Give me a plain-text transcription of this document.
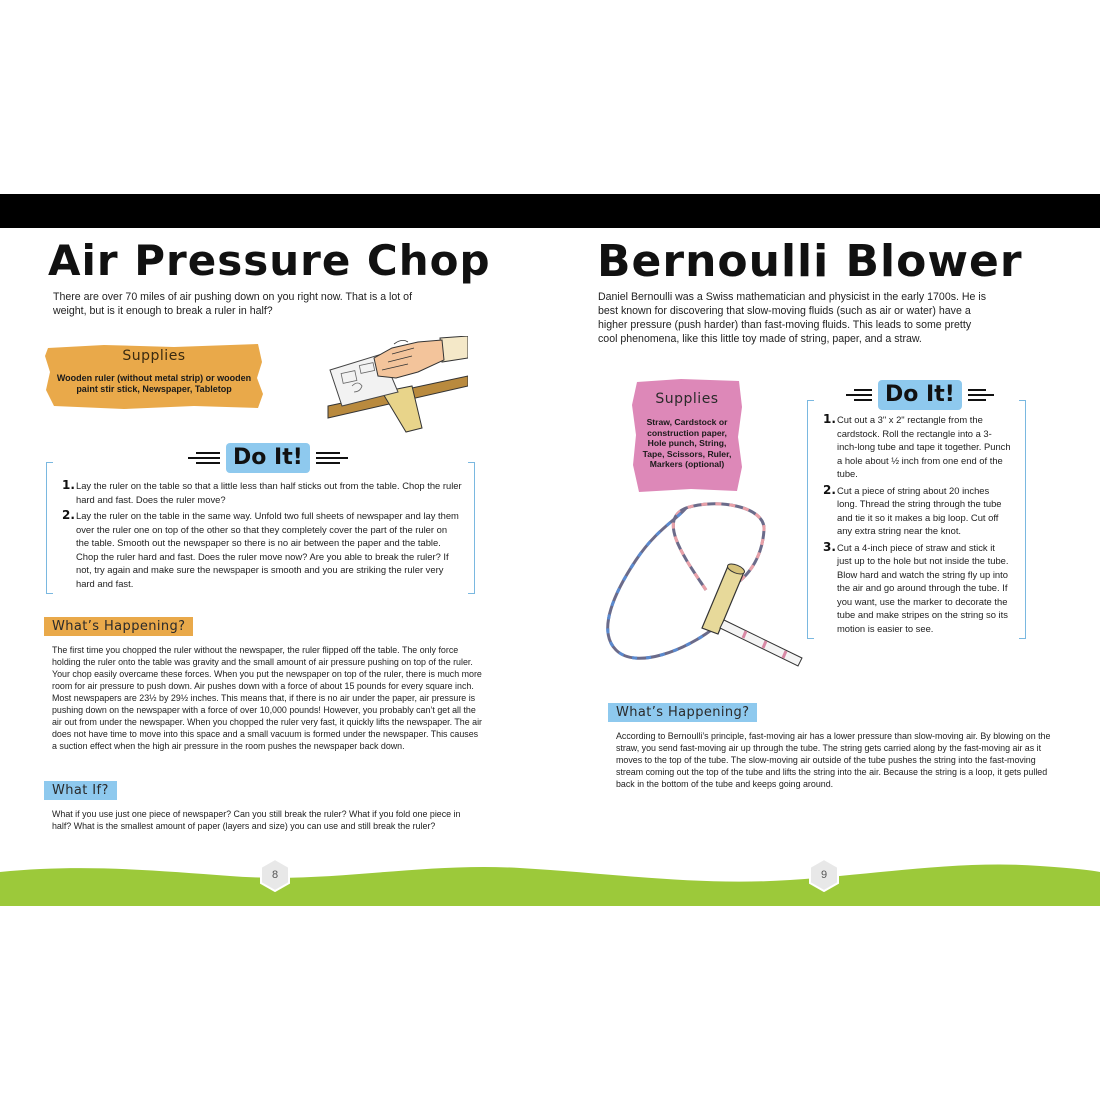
Air Pressure Chop

There are over 70 miles of air pushing down on you right now. That is a lot of weight, but is it enough to break a ruler in half?

Supplies
Wooden ruler (without metal strip) or wooden paint stir stick, Newspaper, Tabletop
Do It!
1. Lay the ruler on the table so that a little less than half sticks out from the table. Chop the ruler hard and fast. Does the ruler move?
2. Lay the ruler on the table in the same way. Unfold two full sheets of newspaper and lay them over the ruler one on top of the other so that they completely cover the part of the ruler on the table. Smooth out the newspaper so there is no air between the paper and the table. Chop the ruler hard and fast. Does the ruler move now? Are you able to break the ruler? If not, try again and make sure the newspaper is smooth and you are striking the ruler very hard and fast.
What’s Happening?

The first time you chopped the ruler without the newspaper, the ruler flipped off the table. The only force holding the ruler onto the table was gravity and the small amount of air pressure pushing on top of the ruler. Your chop easily overcame these forces. When you put the newspaper on top of the ruler, there is much more room for air pressure to push down. Air pushes down with a force of about 15 pounds for every square inch. Most newspapers are 23½ by 29½ inches. This means that, if there is no air under the paper, air pressure is pushing down on the newspaper with a force of over 10,000 pounds! However, you probably can’t get all the air out from under the newspaper. When you chopped the ruler very fast, it quickly lifts the newspaper. The air does not have time to move into this space and a small vacuum is formed under the newspaper. This causes a suction effect when the high air pressure in the room pushes the newspaper back down.

What If?

What if you use just one piece of newspaper? Can you still break the ruler? What if you fold one piece in half? What is the smallest amount of paper (layers and size) you can use and still break the ruler?

Bernoulli Blower

Daniel Bernoulli was a Swiss mathematician and physicist in the early 1700s. He is best known for discovering that slow-moving fluids (such as air or water) have a higher pressure (push harder) than fast-moving fluids. This leads to some pretty cool phenomena, like this little toy made of string, paper, and a straw.

Supplies
Straw, Cardstock or construction paper, Hole punch, String, Tape, Scissors, Ruler, Markers (optional)
Do It!
1. Cut out a 3" x 2" rectangle from the cardstock. Roll the rectangle into a 3-inch-long tube and tape it together. Punch a hole about ½ inch from one end of the tube.
2. Cut a piece of string about 20 inches long. Thread the string through the tube and tie it so it makes a big loop. Cut off any extra string near the knot.
3. Cut a 4-inch piece of straw and stick it just up to the hole but not inside the tube. Blow hard and watch the string fly up into the air and go around through the tube. If you want, use the marker to decorate the tube and make stripes on the string so its motion is easier to see.
What’s Happening?

According to Bernoulli’s principle, fast-moving air has a lower pressure than slow-moving air. By blowing on the straw, you send fast-moving air up through the tube. The string gets carried along by the fast-moving air as it moves to the top of the tube. The slow-moving air outside of the tube pushes the string into the fast-moving stream coming out the top of the tube and lifts the string into the air. Because the string is a loop, it gets pulled back in the bottom of the tube and keeps going around.

8	9
